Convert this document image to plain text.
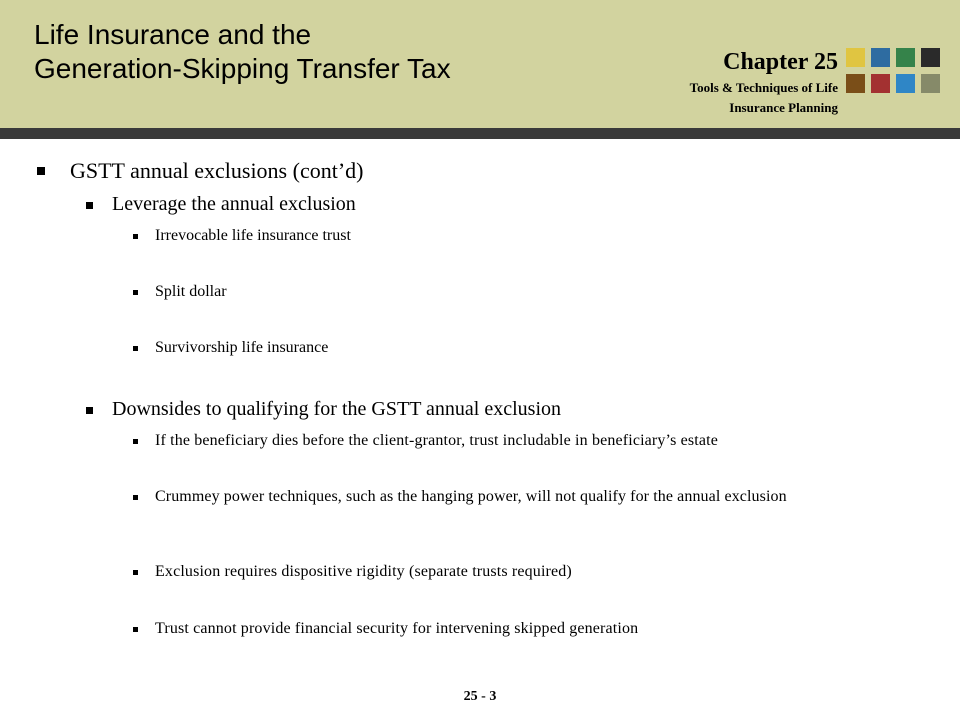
Life Insurance and the
Generation-Skipping Transfer Tax	Chapter 25
Tools & Techniques of Life
Insurance Planning
GSTT annual exclusions (cont’d)
Leverage the annual exclusion
Irrevocable life insurance trust
Split dollar
Survivorship life insurance
Downsides to qualifying for the GSTT annual exclusion
If the beneficiary dies before the client-grantor, trust includable in beneficiary’s estate
Crummey power techniques, such as the hanging power, will not qualify for the annual exclusion
Exclusion requires dispositive rigidity (separate trusts required)
Trust cannot provide financial security for intervening skipped generation
25 - 3
